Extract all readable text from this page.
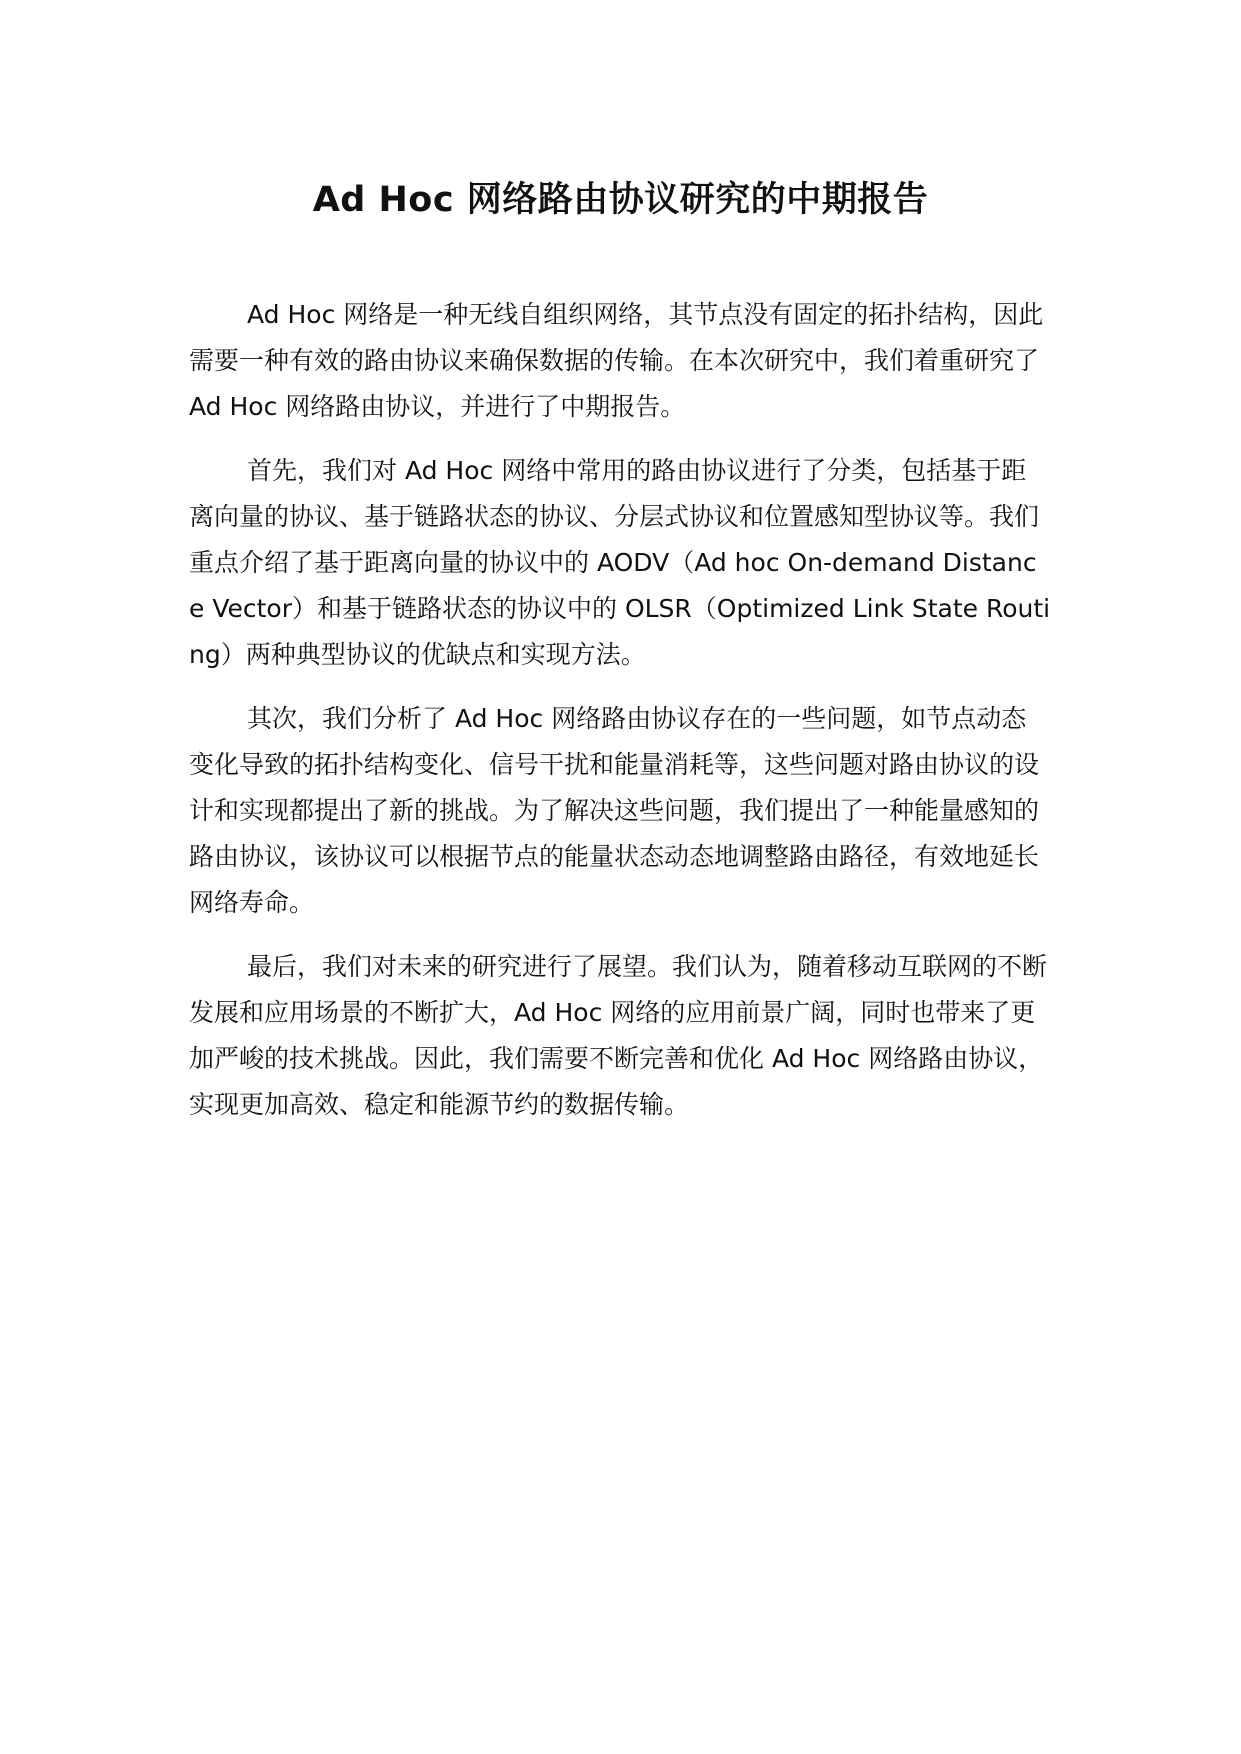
Ad Hoc 网络路由协议研究的中期报告

Ad Hoc 网络是一种无线自组织网络，其节点没有固定的拓扑结构，因此需要一种有效的路由协议来确保数据的传输。在本次研究中，我们着重研究了 Ad Hoc 网络路由协议，并进行了中期报告。

首先，我们对 Ad Hoc 网络中常用的路由协议进行了分类，包括基于距离向量的协议、基于链路状态的协议、分层式协议和位置感知型协议等。我们重点介绍了基于距离向量的协议中的 AODV（Ad hoc On-demand Distance Vector）和基于链路状态的协议中的 OLSR（Optimized Link State Routing）两种典型协议的优缺点和实现方法。

其次，我们分析了 Ad Hoc 网络路由协议存在的一些问题，如节点动态变化导致的拓扑结构变化、信号干扰和能量消耗等，这些问题对路由协议的设计和实现都提出了新的挑战。为了解决这些问题，我们提出了一种能量感知的路由协议，该协议可以根据节点的能量状态动态地调整路由路径，有效地延长网络寿命。

最后，我们对未来的研究进行了展望。我们认为，随着移动互联网的不断发展和应用场景的不断扩大，Ad Hoc 网络的应用前景广阔，同时也带来了更加严峻的技术挑战。因此，我们需要不断完善和优化 Ad Hoc 网络路由协议，实现更加高效、稳定和能源节约的数据传输。
